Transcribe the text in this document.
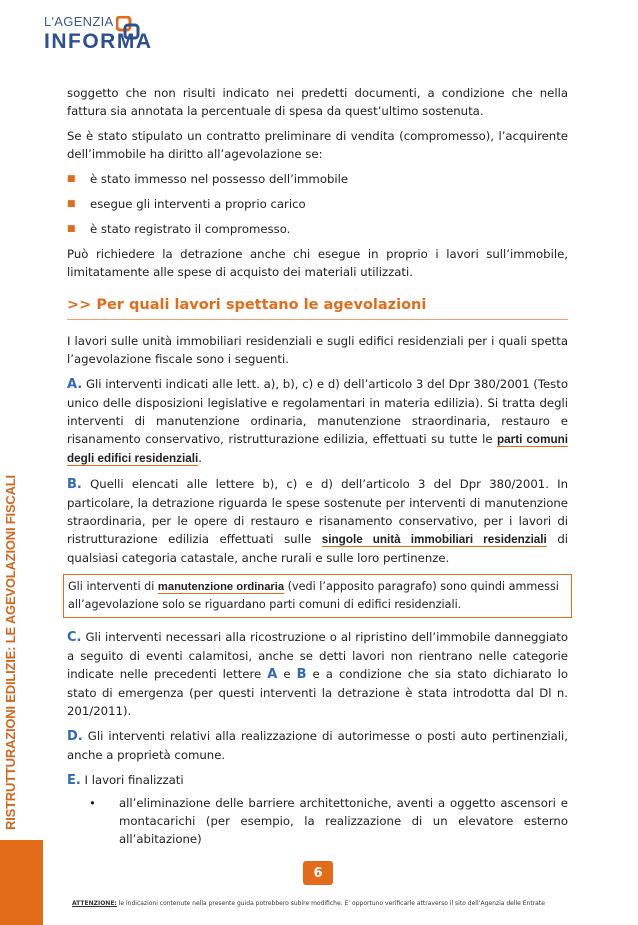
L'AGENZIA
INFORMA
RISTRUTTURAZIONI EDILIZIE: LE AGEVOLAZIONI FISCALI

soggetto che non risulti indicato nei predetti documenti, a condizione che nella fattura sia annotata la percentuale di spesa da quest’ultimo sostenuta.

Se è stato stipulato un contratto preliminare di vendita (compromesso), l’acquirente dell’immobile ha diritto all’agevolazione se:

■	è stato immesso nel possesso dell’immobile
■	esegue gli interventi a proprio carico
■	è stato registrato il compromesso.

Può richiedere la detrazione anche chi esegue in proprio i lavori sull’immobile, limitatamente alle spese di acquisto dei materiali utilizzati.

>> Per quali lavori spettano le agevolazioni

I lavori sulle unità immobiliari residenziali e sugli edifici residenziali per i quali spetta l’agevolazione fiscale sono i seguenti.

A. Gli interventi indicati alle lett. a), b), c) e d) dell’articolo 3 del Dpr 380/2001 (Testo unico delle disposizioni legislative e regolamentari in materia edilizia). Si tratta degli interventi di manutenzione ordinaria, manutenzione straordinaria, restauro e risanamento conservativo, ristrutturazione edilizia, effettuati su tutte le parti comuni degli edifici residenziali.

B. Quelli elencati alle lettere b), c) e d) dell’articolo 3 del Dpr 380/2001. In particolare, la detrazione riguarda le spese sostenute per interventi di manutenzione straordinaria, per le opere di restauro e risanamento conservativo, per i lavori di ristrutturazione edilizia effettuati sulle singole unità immobiliari residenziali di qualsiasi categoria catastale, anche rurali e sulle loro pertinenze.

Gli interventi di manutenzione ordinaria (vedi l’apposito paragrafo) sono quindi ammessi all’agevolazione solo se riguardano parti comuni di edifici residenziali.

C. Gli interventi necessari alla ricostruzione o al ripristino dell’immobile danneggiato a seguito di eventi calamitosi, anche se detti lavori non rientrano nelle categorie indicate nelle precedenti lettere A e B e a condizione che sia stato dichiarato lo stato di emergenza (per questi interventi la detrazione è stata introdotta dal Dl n. 201/2011).

D. Gli interventi relativi alla realizzazione di autorimesse o posti auto pertinenziali, anche a proprietà comune.

E. I lavori finalizzati

•	all’eliminazione delle barriere architettoniche, aventi a oggetto ascensori e montacarichi (per esempio, la realizzazione di un elevatore esterno all’abitazione)
6
ATTENZIONE: le indicazioni contenute nella presente guida potrebbero subire modifiche. E’ opportuno verificarle attraverso il sito dell’Agenzia delle Entrate
